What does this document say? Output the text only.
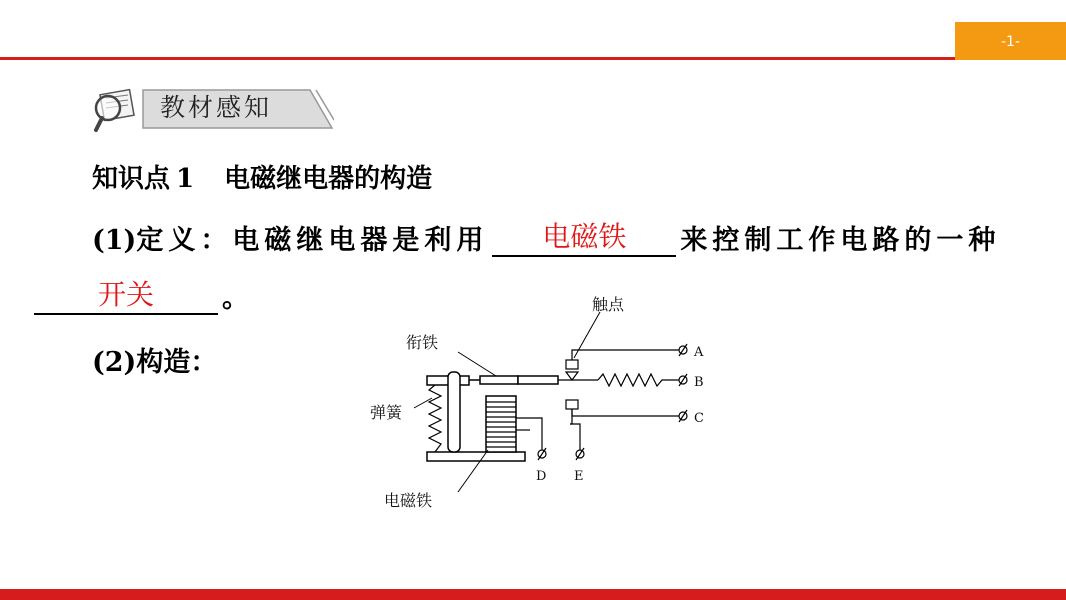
-1-
教材感知
知识点 1 电磁继电器的构造
(1)定义：电磁继电器是利用	电磁铁	来控制工作电路的一种
开关	。
(2)构造：
触点
衔铁
弹簧
电磁铁
A
B
C
D E
